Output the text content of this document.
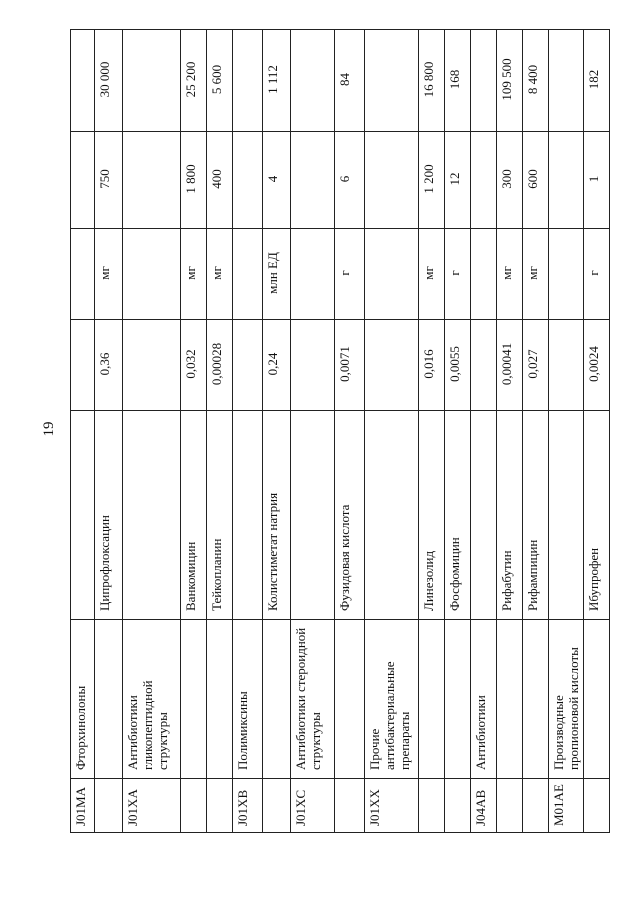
19
J01MA	Фторхинолоны					
		Ципрофлоксацин	0,36	мг	750	30 000
J01XA	Антибиотики гликопептидной структуры					
		Ванкомицин	0,032	мг	1 800	25 200
		Тейкопланин	0,00028	мг	400	5 600
J01XB	Полимиксины					
		Колистиметат натрия	0,24	млн ЕД	4	1 112
J01XC	Антибиотики стероидной структуры					
		Фузидовая кислота	0,0071	г	6	84
J01XX	Прочие антибактериальные препараты					
		Линезолид	0,016	мг	1 200	16 800
		Фосфомицин	0,0055	г	12	168
J04AB	Антибиотики					
		Рифабутин	0,00041	мг	300	109 500
		Рифампицин	0,027	мг	600	8 400
M01AE	Производные пропионовой кислоты					
		Ибупрофен	0,0024	г	1	182
